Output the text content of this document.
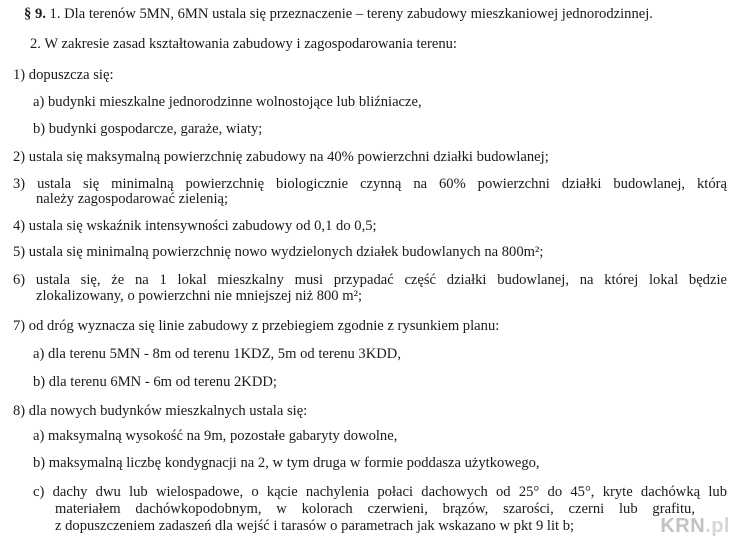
§ 9. 1. Dla terenów 5MN, 6MN ustala się przeznaczenie – tereny zabudowy mieszkaniowej jednorodzinnej.
2. W zakresie zasad kształtowania zabudowy i zagospodarowania terenu:
1) dopuszcza się:
a) budynki mieszkalne jednorodzinne wolnostojące lub bliźniacze,
b) budynki gospodarcze, garaże, wiaty;
2) ustala się maksymalną powierzchnię zabudowy na 40% powierzchni działki budowlanej;
3) ustala się minimalną powierzchnię biologicznie czynną na 60% powierzchni działki budowlanej, którą
należy zagospodarować zielenią;
4) ustala się wskaźnik intensywności zabudowy od 0,1 do 0,5;
5) ustala się minimalną powierzchnię nowo wydzielonych działek budowlanych na 800m²;
6) ustala się, że na 1 lokal mieszkalny musi przypadać część działki budowlanej, na której lokal będzie
zlokalizowany, o powierzchni nie mniejszej niż 800 m²;
7) od dróg wyznacza się linie zabudowy z przebiegiem zgodnie z rysunkiem planu:
a) dla terenu 5MN - 8m od terenu 1KDZ, 5m od terenu 3KDD,
b) dla terenu 6MN - 6m od terenu 2KDD;
8) dla nowych budynków mieszkalnych ustala się:
a) maksymalną wysokość na 9m, pozostałe gabaryty dowolne,
b) maksymalną liczbę kondygnacji na 2, w tym druga w formie poddasza użytkowego,
c) dachy dwu lub wielospadowe, o kącie nachylenia połaci dachowych od 25° do 45°, kryte dachówką lub
materiałem dachówkopodobnym, w kolorach czerwieni, brązów, szarości, czerni lub grafitu,
z dopuszczeniem zadaszeń dla wejść i tarasów o parametrach jak wskazano w pkt 9 lit b;	KRN.pl
